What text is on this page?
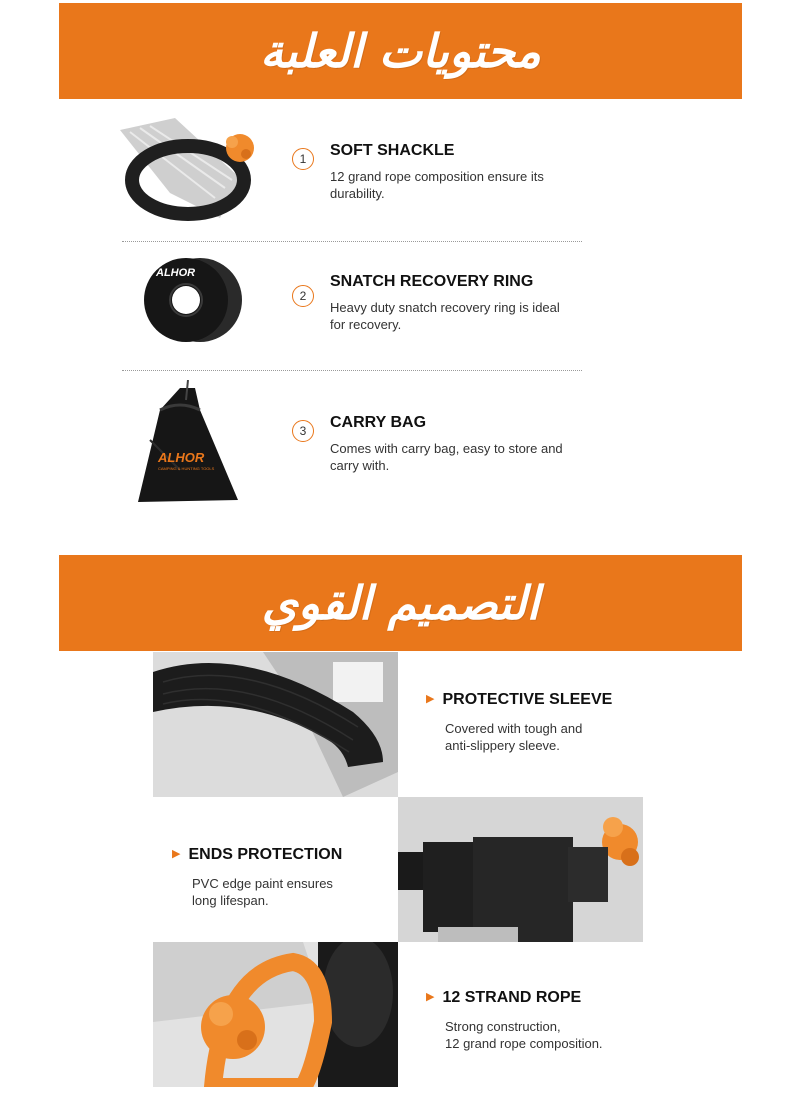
محتويات العلبة
1	SOFT SHACKLE
12 grand rope composition ensure its
durability.
ALHOR
2
SNATCH RECOVERY RING
Heavy duty snatch recovery ring is ideal
for recovery.
ALHOR
CAMPING & HUNTING TOOLS
3	CARRY BAG
Comes with carry bag, easy to store and
carry with.
التصميم القوي
▶ PROTECTIVE SLEEVE
Covered with tough and
anti-slippery sleeve.
▶ ENDS PROTECTION
PVC edge paint ensures
long lifespan.
▶ 12 STRAND ROPE
Strong construction,
12 grand rope composition.
